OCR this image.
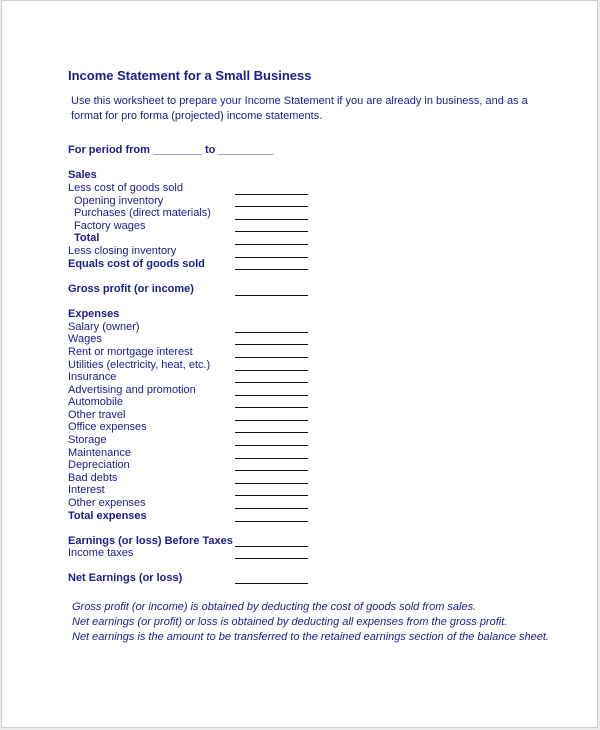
Income Statement for a Small Business
Use this worksheet to prepare your Income Statement if you are already in business, and as a format for pro forma (projected) income statements.
For period from ________ to _________
Sales
Less cost of goods sold
Opening inventory
Purchases (direct materials)
Factory wages
Total
Less closing inventory
Equals cost of goods sold
Gross profit (or income)
Expenses
Salary (owner)
Wages
Rent or mortgage interest
Utilities (electricity, heat, etc.)
Insurance
Advertising and promotion
Automobile
Other travel
Office expenses
Storage
Maintenance
Depreciation
Bad debts
Interest
Other expenses
Total expenses
Earnings (or loss) Before Taxes
Income taxes
Net Earnings (or loss)
Gross profit (or income) is obtained by deducting the cost of goods sold from sales.
Net earnings (or profit) or loss is obtained by deducting all expenses from the gross profit.
Net earnings is the amount to be transferred to the retained earnings section of the balance sheet.
